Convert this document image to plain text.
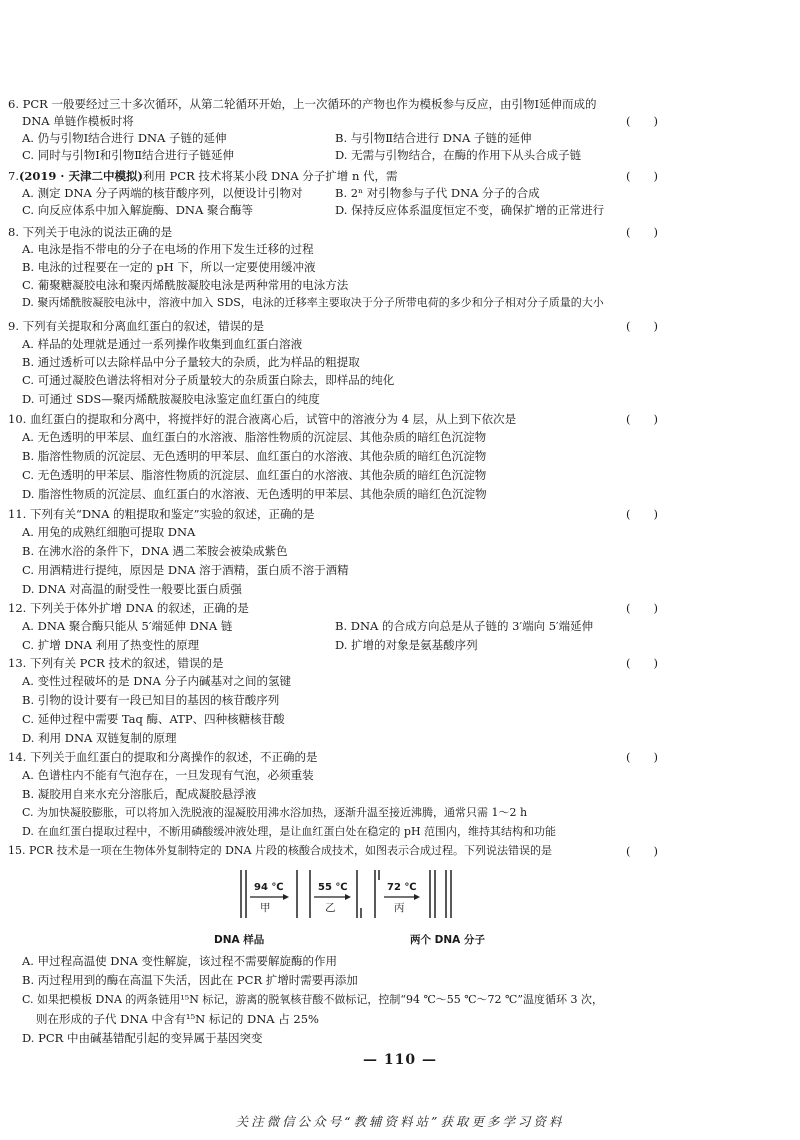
6. PCR 一般要经过三十多次循环，从第二轮循环开始，上一次循环的产物也作为模板参与反应，由引物Ⅰ延伸而成的
DNA 单链作模板时将	(　　)
A. 仍与引物Ⅰ结合进行 DNA 子链的延伸	B. 与引物Ⅱ结合进行 DNA 子链的延伸
C. 同时与引物Ⅰ和引物Ⅱ结合进行子链延伸	D. 无需与引物结合，在酶的作用下从头合成子链
7.(2019 · 天津二中模拟)利用 PCR 技术将某小段 DNA 分子扩增 n 代，需	(　　)
A. 测定 DNA 分子两端的核苷酸序列，以便设计引物对	B. 2ⁿ 对引物参与子代 DNA 分子的合成
C. 向反应体系中加入解旋酶、DNA 聚合酶等	D. 保持反应体系温度恒定不变，确保扩增的正常进行
8. 下列关于电泳的说法正确的是	(　　)
A. 电泳是指不带电的分子在电场的作用下发生迁移的过程
B. 电泳的过程要在一定的 pH 下，所以一定要使用缓冲液
C. 葡聚糖凝胶电泳和聚丙烯酰胺凝胶电泳是两种常用的电泳方法
D. 聚丙烯酰胺凝胶电泳中，溶液中加入 SDS，电泳的迁移率主要取决于分子所带电荷的多少和分子相对分子质量的大小
9. 下列有关提取和分离血红蛋白的叙述，错误的是	(　　)
A. 样品的处理就是通过一系列操作收集到血红蛋白溶液
B. 通过透析可以去除样品中分子量较大的杂质，此为样品的粗提取
C. 可通过凝胶色谱法将相对分子质量较大的杂质蛋白除去，即样品的纯化
D. 可通过 SDS—聚丙烯酰胺凝胶电泳鉴定血红蛋白的纯度
10. 血红蛋白的提取和分离中，将搅拌好的混合液离心后，试管中的溶液分为 4 层，从上到下依次是	(　　)
A. 无色透明的甲苯层、血红蛋白的水溶液、脂溶性物质的沉淀层、其他杂质的暗红色沉淀物
B. 脂溶性物质的沉淀层、无色透明的甲苯层、血红蛋白的水溶液、其他杂质的暗红色沉淀物
C. 无色透明的甲苯层、脂溶性物质的沉淀层、血红蛋白的水溶液、其他杂质的暗红色沉淀物
D. 脂溶性物质的沉淀层、血红蛋白的水溶液、无色透明的甲苯层、其他杂质的暗红色沉淀物
11. 下列有关“DNA 的粗提取和鉴定”实验的叙述，正确的是	(　　)
A. 用兔的成熟红细胞可提取 DNA
B. 在沸水浴的条件下，DNA 遇二苯胺会被染成紫色
C. 用酒精进行提纯，原因是 DNA 溶于酒精，蛋白质不溶于酒精
D. DNA 对高温的耐受性一般要比蛋白质强
12. 下列关于体外扩增 DNA 的叙述，正确的是	(　　)
A. DNA 聚合酶只能从 5′端延伸 DNA 链	B. DNA 的合成方向总是从子链的 3′端向 5′端延伸
C. 扩增 DNA 利用了热变性的原理	D. 扩增的对象是氨基酸序列
13. 下列有关 PCR 技术的叙述，错误的是	(　　)
A. 变性过程破坏的是 DNA 分子内碱基对之间的氢键
B. 引物的设计要有一段已知目的基因的核苷酸序列
C. 延伸过程中需要 Taq 酶、ATP、四种核糖核苷酸
D. 利用 DNA 双链复制的原理
14. 下列关于血红蛋白的提取和分离操作的叙述，不正确的是	(　　)
A. 色谱柱内不能有气泡存在，一旦发现有气泡，必须重装
B. 凝胶用自来水充分溶胀后，配成凝胶悬浮液
C. 为加快凝胶膨胀，可以将加入洗脱液的湿凝胶用沸水浴加热，逐渐升温至接近沸腾，通常只需 1～2 h
D. 在血红蛋白提取过程中，不断用磷酸缓冲液处理，是让血红蛋白处在稳定的 pH 范围内，维持其结构和功能
15. PCR 技术是一项在生物体外复制特定的 DNA 片段的核酸合成技术，如图表示合成过程。下列说法错误的是	(　　)
94 ℃
甲
55 ℃
乙
72 ℃
丙
DNA 样品	两个 DNA 分子
A. 甲过程高温使 DNA 变性解旋，该过程不需要解旋酶的作用
B. 丙过程用到的酶在高温下失活，因此在 PCR 扩增时需要再添加
C. 如果把模板 DNA 的两条链用¹⁵N 标记，游离的脱氧核苷酸不做标记，控制“94 ℃～55 ℃～72 ℃”温度循环 3 次，
则在形成的子代 DNA 中含有¹⁵N 标记的 DNA 占 25%
D. PCR 中由碱基错配引起的变异属于基因突变
— 110 —
关注微信公众号“教辅资料站”获取更多学习资料
